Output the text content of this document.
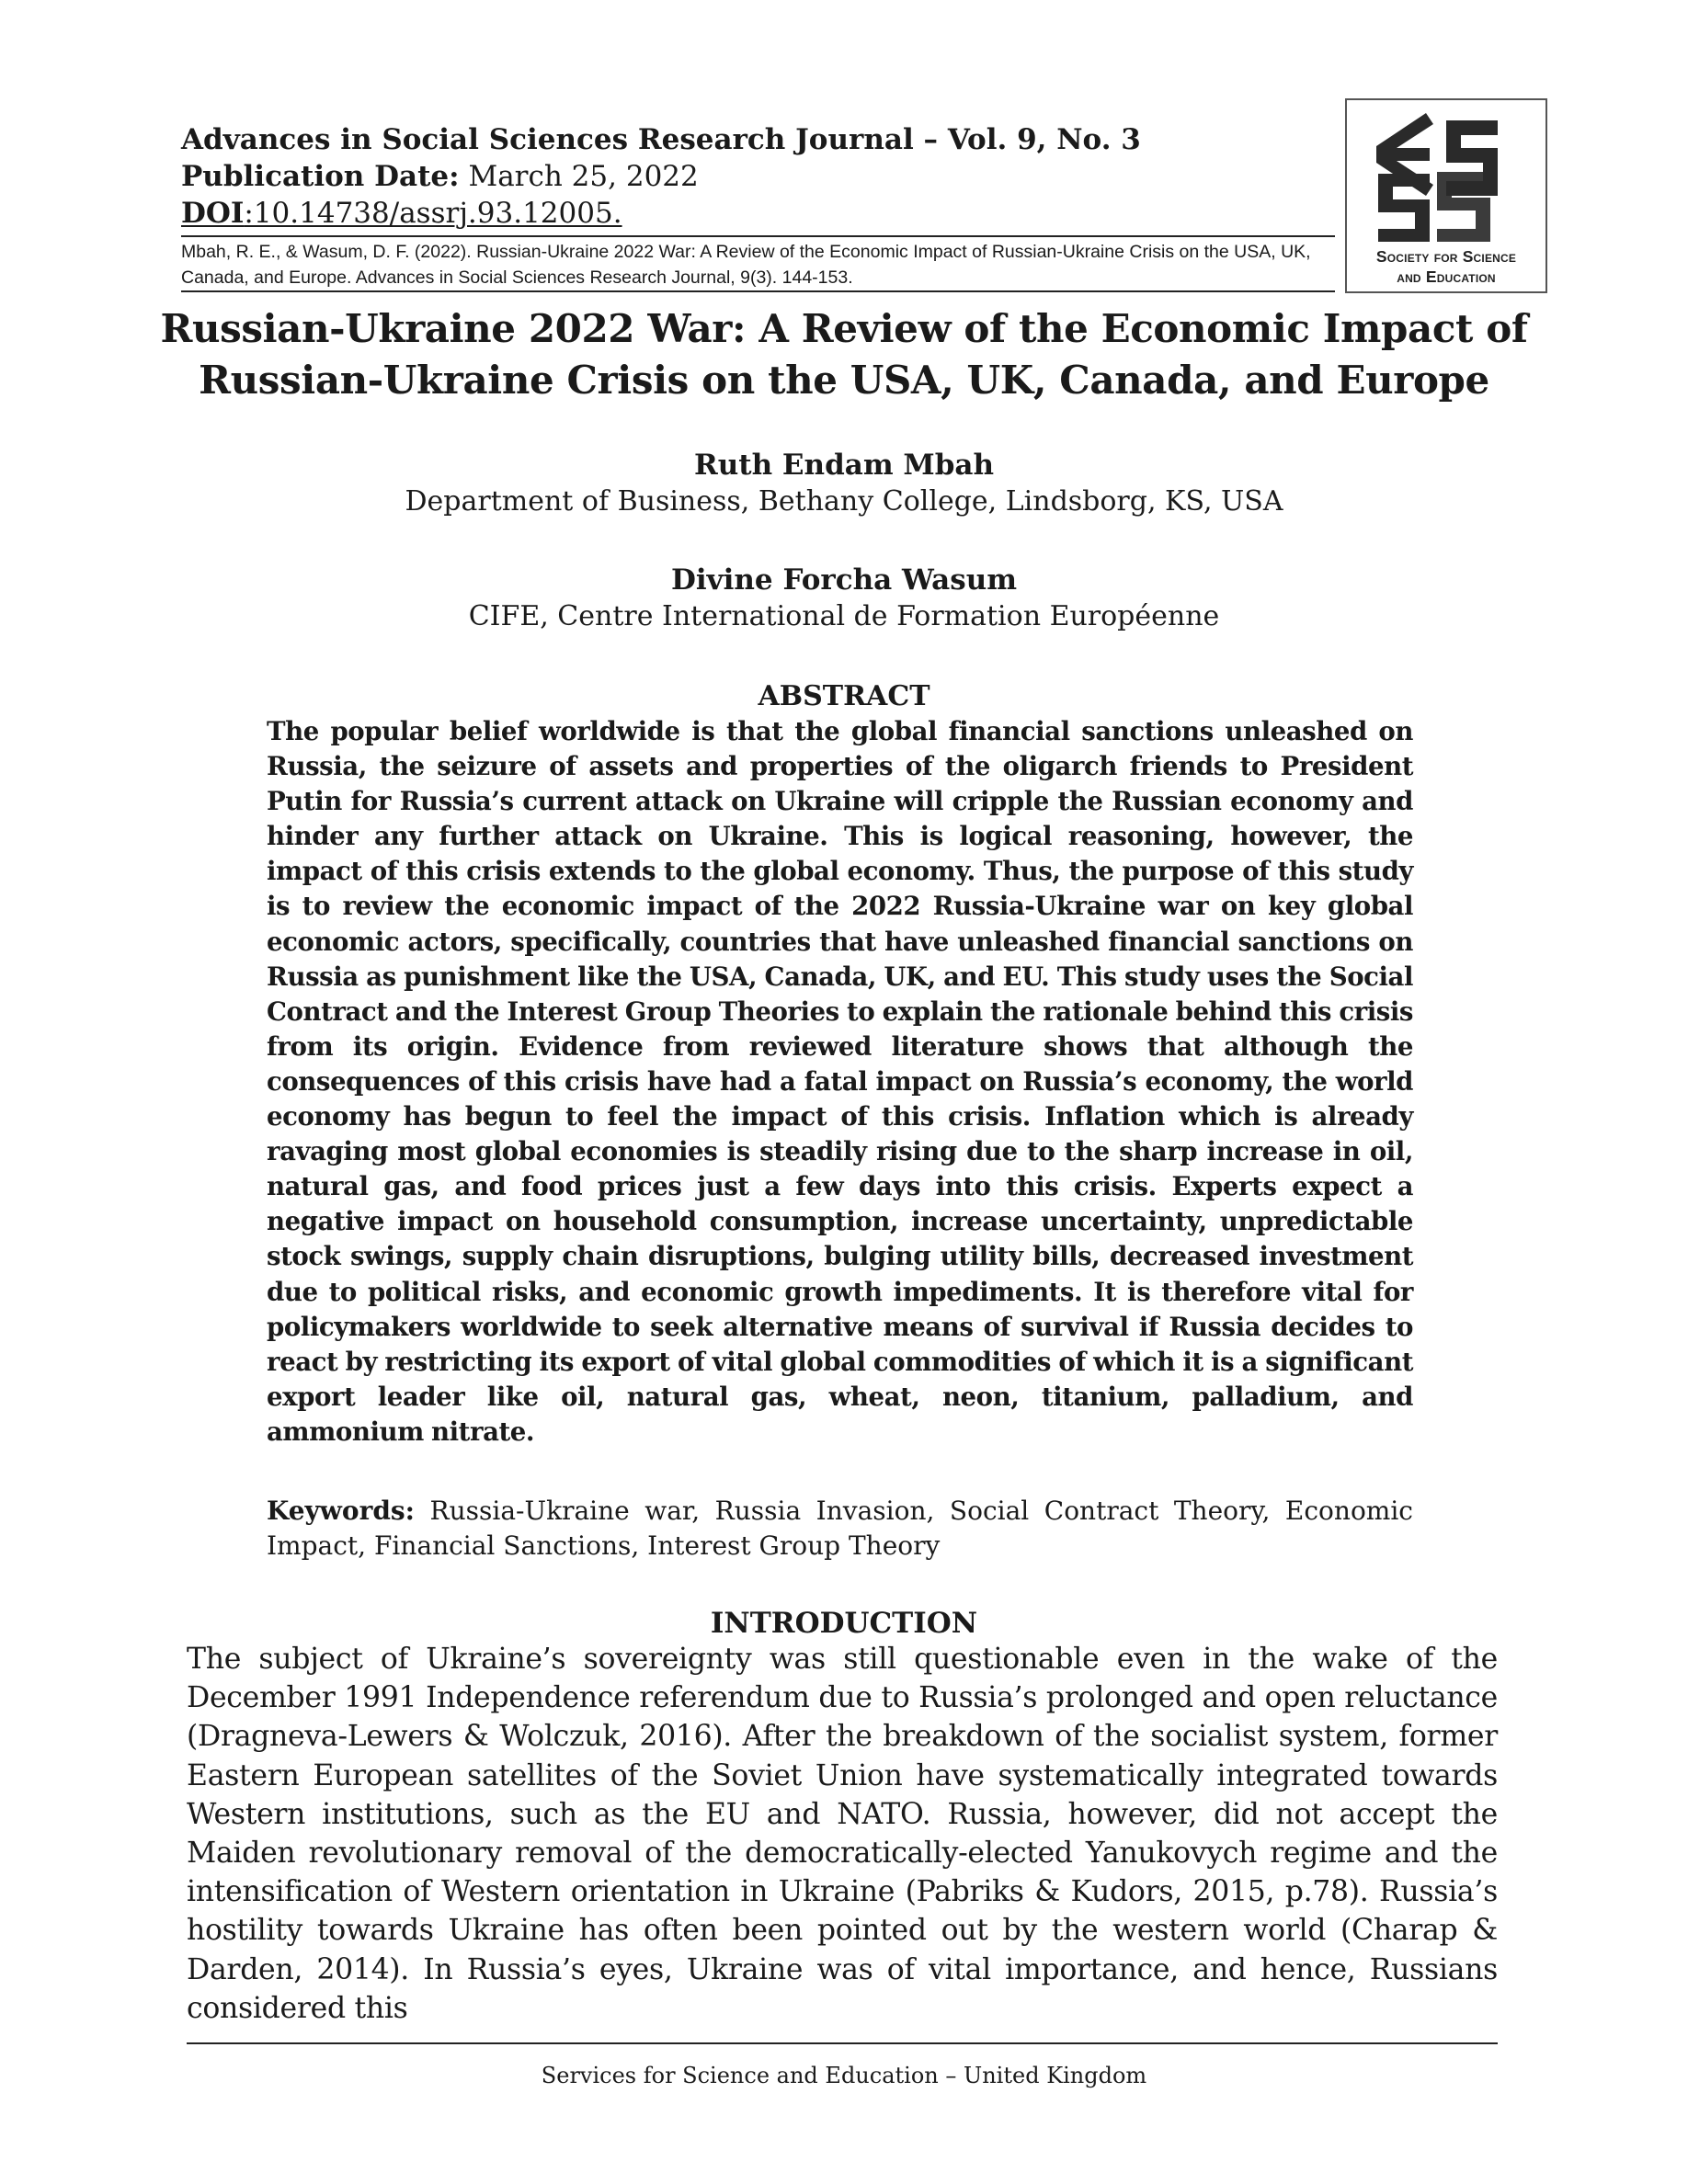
Advances in Social Sciences Research Journal – Vol. 9, No. 3

Publication Date: March 25, 2022

DOI:10.14738/assrj.93.12005.

Mbah, R. E., & Wasum, D. F. (2022). Russian-Ukraine 2022 War: A Review of the Economic Impact of Russian-Ukraine Crisis on the USA, UK, Canada, and Europe. Advances in Social Sciences Research Journal, 9(3). 144-153.
Society for Science
and Education
Russian-Ukraine 2022 War: A Review of the Economic Impact of Russian-Ukraine Crisis on the USA, UK, Canada, and Europe
Ruth Endam Mbah
Department of Business, Bethany College, Lindsborg, KS, USA
Divine Forcha Wasum
CIFE, Centre International de Formation Européenne
ABSTRACT

The popular belief worldwide is that the global financial sanctions unleashed on Russia, the seizure of assets and properties of the oligarch friends to President Putin for Russia’s current attack on Ukraine will cripple the Russian economy and hinder any further attack on Ukraine. This is logical reasoning, however, the impact of this crisis extends to the global economy. Thus, the purpose of this study is to review the economic impact of the 2022 Russia-Ukraine war on key global economic actors, specifically, countries that have unleashed financial sanctions on Russia as punishment like the USA, Canada, UK, and EU. This study uses the Social Contract and the Interest Group Theories to explain the rationale behind this crisis from its origin. Evidence from reviewed literature shows that although the consequences of this crisis have had a fatal impact on Russia’s economy, the world economy has begun to feel the impact of this crisis. Inflation which is already ravaging most global economies is steadily rising due to the sharp increase in oil, natural gas, and food prices just a few days into this crisis. Experts expect a negative impact on household consumption, increase uncertainty, unpredictable stock swings, supply chain disruptions, bulging utility bills, decreased investment due to political risks, and economic growth impediments. It is therefore vital for policymakers worldwide to seek alternative means of survival if Russia decides to react by restricting its export of vital global commodities of which it is a significant export leader like oil, natural gas, wheat, neon, titanium, palladium, and ammonium nitrate.

Keywords: Russia-Ukraine war, Russia Invasion, Social Contract Theory, Economic Impact, Financial Sanctions, Interest Group Theory

INTRODUCTION

The subject of Ukraine’s sovereignty was still questionable even in the wake of the December 1991 Independence referendum due to Russia’s prolonged and open reluctance (Dragneva-Lewers & Wolczuk, 2016). After the breakdown of the socialist system, former Eastern European satellites of the Soviet Union have systematically integrated towards Western institutions, such as the EU and NATO. Russia, however, did not accept the Maiden revolutionary removal of the democratically-elected Yanukovych regime and the intensification of Western orientation in Ukraine (Pabriks & Kudors, 2015, p.78). Russia’s hostility towards Ukraine has often been pointed out by the western world (Charap & Darden, 2014). In Russia’s eyes, Ukraine was of vital importance, and hence, Russians considered this

Services for Science and Education – United Kingdom
